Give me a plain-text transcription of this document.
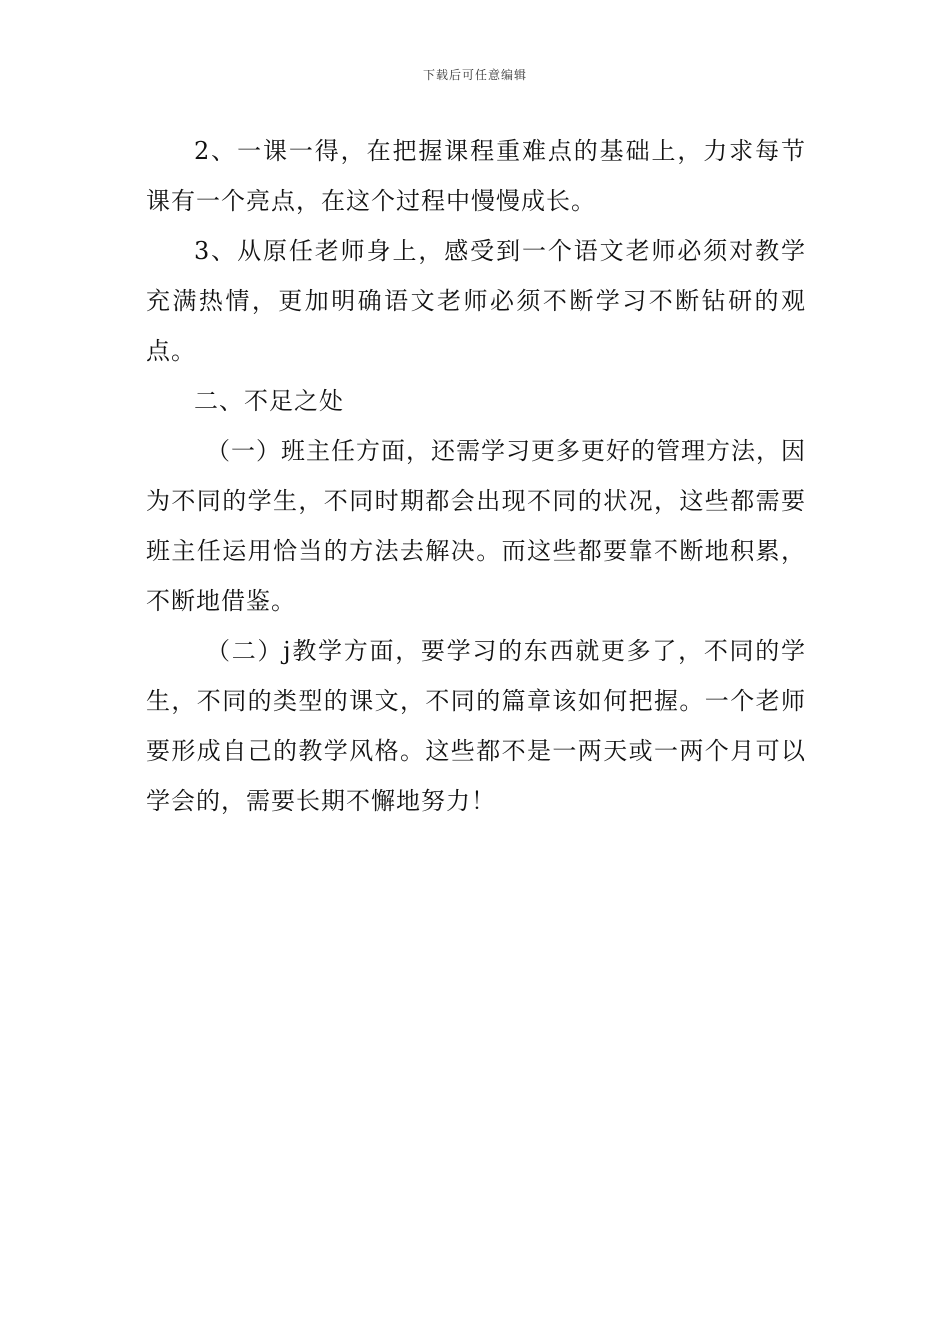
下载后可任意编辑

2、一课一得，在把握课程重难点的基础上，力求每节课有一个亮点，在这个过程中慢慢成长。

3、从原任老师身上，感受到一个语文老师必须对教学充满热情，更加明确语文老师必须不断学习不断钻研的观点。

二、不足之处

（一）班主任方面，还需学习更多更好的管理方法，因为不同的学生，不同时期都会出现不同的状况，这些都需要班主任运用恰当的方法去解决。而这些都要靠不断地积累，不断地借鉴。

（二）j教学方面，要学习的东西就更多了，不同的学生，不同的类型的课文，不同的篇章该如何把握。一个老师要形成自己的教学风格。这些都不是一两天或一两个月可以学会的，需要长期不懈地努力！
